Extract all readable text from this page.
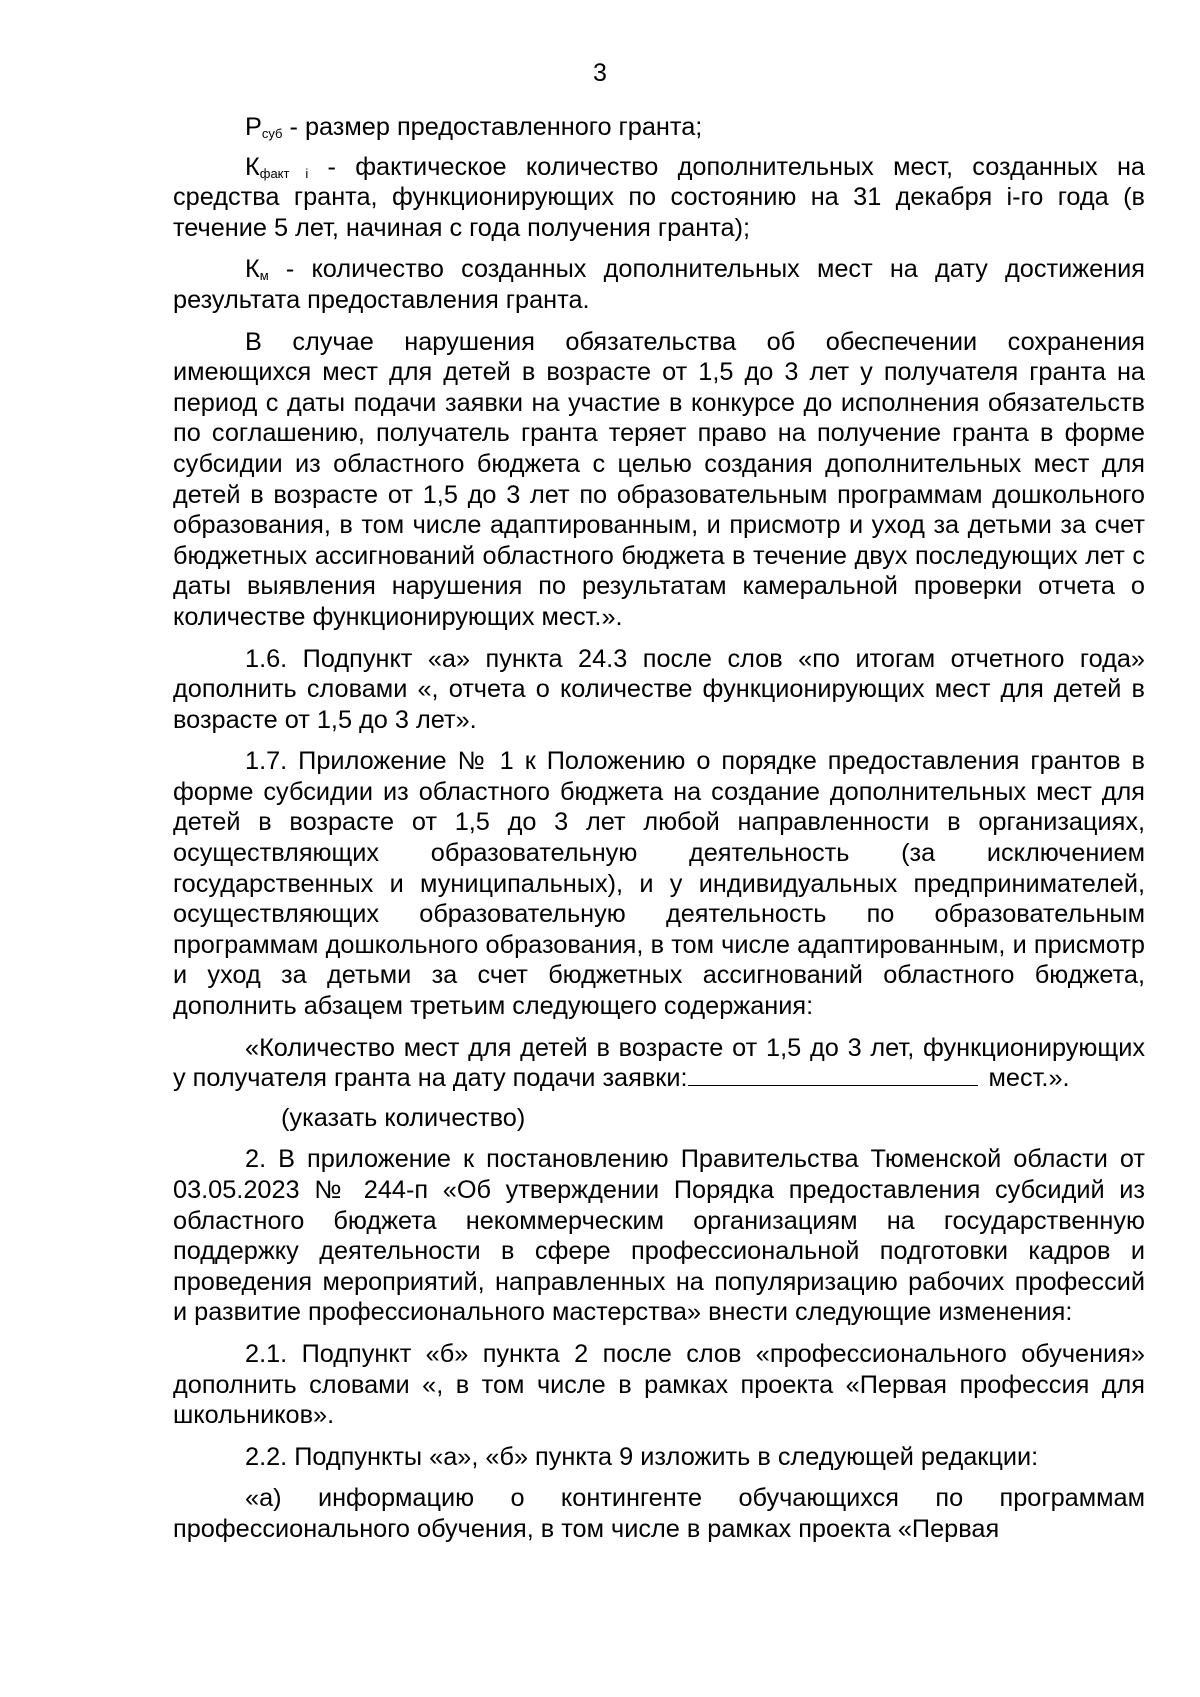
3

$Р_{суб}$ - размер предоставленного гранта;

$К_{факт i}$ - фактическое количество дополнительных мест, созданных на средства гранта, функционирующих по состоянию на 31 декабря i-го года (в течение 5 лет, начиная с года получения гранта);

$К_м$ - количество созданных дополнительных мест на дату достижения результата предоставления гранта.

В случае нарушения обязательства об обеспечении сохранения имеющихся мест для детей в возрасте от 1,5 до 3 лет у получателя гранта на период с даты подачи заявки на участие в конкурсе до исполнения обязательств по соглашению, получатель гранта теряет право на получение гранта в форме субсидии из областного бюджета с целью создания дополнительных мест для детей в возрасте от 1,5 до 3 лет по образовательным программам дошкольного образования, в том числе адаптированным, и присмотр и уход за детьми за счет бюджетных ассигнований областного бюджета в течение двух последующих лет с даты выявления нарушения по результатам камеральной проверки отчета о количестве функционирующих мест.».

1.6. Подпункт «а» пункта 24.3 после слов «по итогам отчетного года» дополнить словами «, отчета о количестве функционирующих мест для детей в возрасте от 1,5 до 3 лет».

1.7. Приложение № 1 к Положению о порядке предоставления грантов в форме субсидии из областного бюджета на создание дополнительных мест для детей в возрасте от 1,5 до 3 лет любой направленности в организациях, осуществляющих образовательную деятельность (за исключением государственных и муниципальных), и у индивидуальных предпринимателей, осуществляющих образовательную деятельность по образовательным программам дошкольного образования, в том числе адаптированным, и присмотр и уход за детьми за счет бюджетных ассигнований областного бюджета, дополнить абзацем третьим следующего содержания:

«Количество мест для детей в возрасте от 1,5 до 3 лет, функционирующих у получателя гранта на дату подачи заявки:	мест.».

(указать количество)

2. В приложение к постановлению Правительства Тюменской области от 03.05.2023 № 244-п «Об утверждении Порядка предоставления субсидий из областного бюджета некоммерческим организациям на государственную поддержку деятельности в сфере профессиональной подготовки кадров и проведения мероприятий, направленных на популяризацию рабочих профессий и развитие профессионального мастерства» внести следующие изменения:

2.1. Подпункт «б» пункта 2 после слов «профессионального обучения» дополнить словами «, в том числе в рамках проекта «Первая профессия для школьников».

2.2. Подпункты «а», «б» пункта 9 изложить в следующей редакции:

«а) информацию о контингенте обучающихся по программам профессионального обучения, в том числе в рамках проекта «Первая
